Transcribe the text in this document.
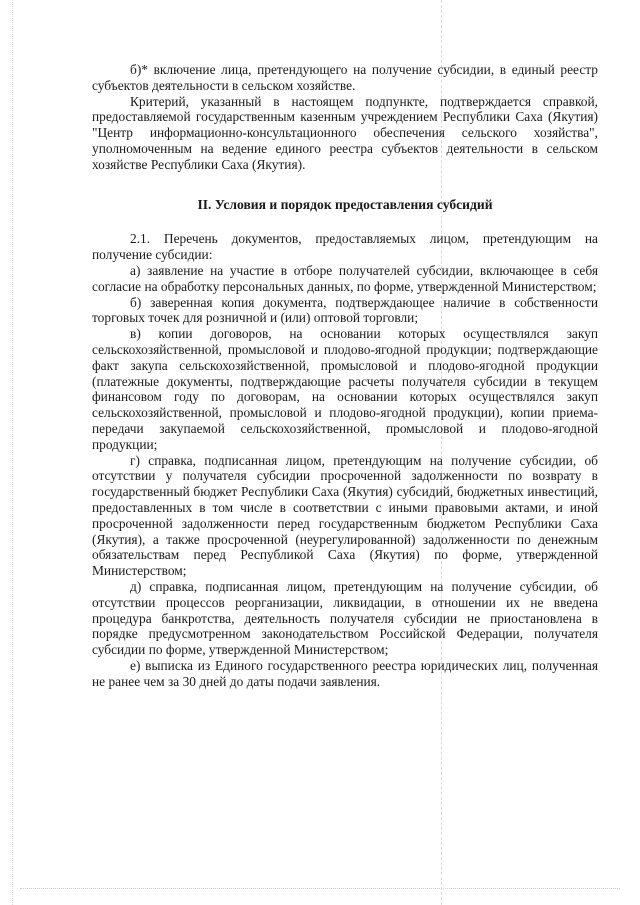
б)* включение лица, претендующего на получение субсидии, в единый реестр субъектов деятельности в сельском хозяйстве.

Критерий, указанный в настоящем подпункте, подтверждается справкой, предоставляемой государственным казенным учреждением Республики Саха (Якутия) "Центр информационно-консультационного обеспечения сельского хозяйства", уполномоченным на ведение единого реестра субъектов деятельности в сельском хозяйстве Республики Саха (Якутия).

II. Условия и порядок предоставления субсидий

2.1. Перечень документов, предоставляемых лицом, претендующим на получение субсидии:

а) заявление на участие в отборе получателей субсидии, включающее в себя согласие на обработку персональных данных, по форме, утвержденной Министерством;

б) заверенная копия документа, подтверждающее наличие в собственности торговых точек для розничной и (или) оптовой торговли;

в) копии договоров, на основании которых осуществлялся закуп сельскохозяйственной, промысловой и плодово-ягодной продукции; подтверждающие факт закупа сельскохозяйственной, промысловой и плодово-ягодной продукции (платежные документы, подтверждающие расчеты получателя субсидии в текущем финансовом году по договорам, на основании которых осуществлялся закуп сельскохозяйственной, промысловой и плодово-ягодной продукции), копии приема-передачи закупаемой сельскохозяйственной, промысловой и плодово-ягодной продукции;

г) справка, подписанная лицом, претендующим на получение субсидии, об отсутствии у получателя субсидии просроченной задолженности по возврату в государственный бюджет Республики Саха (Якутия) субсидий, бюджетных инвестиций, предоставленных в том числе в соответствии с иными правовыми актами, и иной просроченной задолженности перед государственным бюджетом Республики Саха (Якутия), а также просроченной (неурегулированной) задолженности по денежным обязательствам перед Республикой Саха (Якутия) по форме, утвержденной Министерством;

д) справка, подписанная лицом, претендующим на получение субсидии, об отсутствии процессов реорганизации, ликвидации, в отношении их не введена процедура банкротства, деятельность получателя субсидии не приостановлена в порядке предусмотренном законодательством Российской Федерации, получателя субсидии по форме, утвержденной Министерством;

е) выписка из Единого государственного реестра юридических лиц, полученная не ранее чем за 30 дней до даты подачи заявления.
